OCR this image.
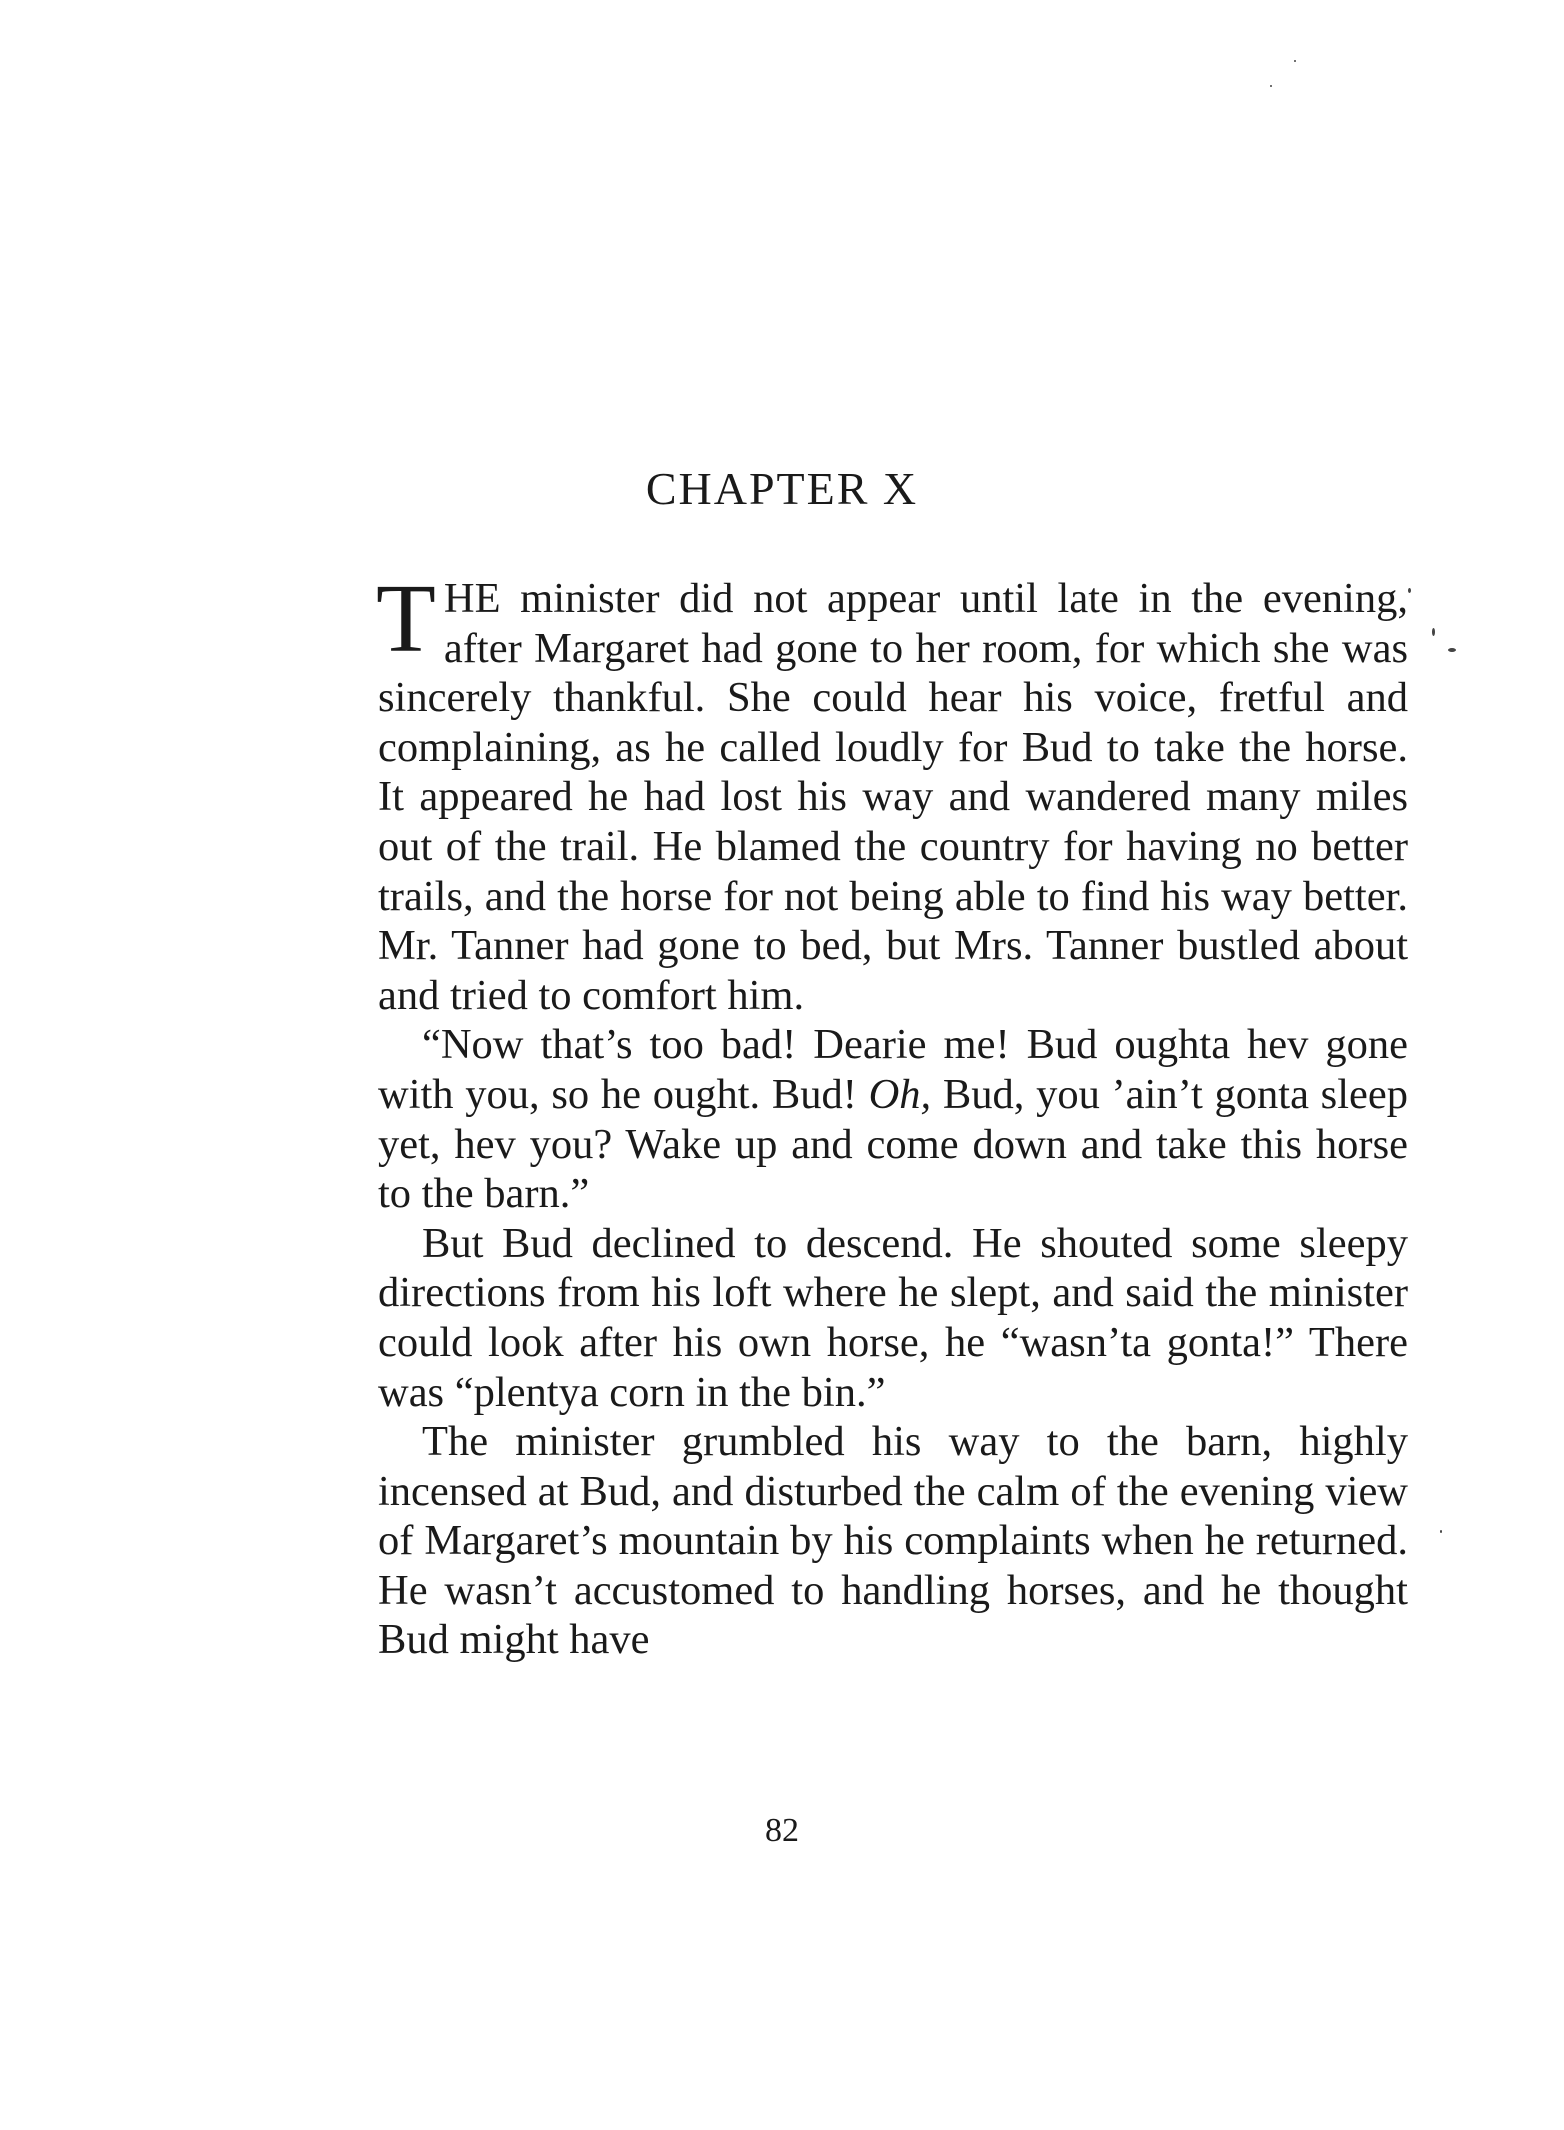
CHAPTER X

THE minister did not appear until late in the evening, after Margaret had gone to her room, for which she was sincerely thankful. She could hear his voice, fretful and complaining, as he called loudly for Bud to take the horse. It appeared he had lost his way and wandered many miles out of the trail. He blamed the country for having no better trails, and the horse for not being able to find his way better. Mr. Tanner had gone to bed, but Mrs. Tanner bustled about and tried to comfort him.

“Now that’s too bad! Dearie me! Bud oughta hev gone with you, so he ought. Bud! Oh, Bud, you ’ain’t gonta sleep yet, hev you? Wake up and come down and take this horse to the barn.”

But Bud declined to descend. He shouted some sleepy directions from his loft where he slept, and said the minister could look after his own horse, he “wasn’ta gonta!” There was “plentya corn in the bin.”

The minister grumbled his way to the barn, highly incensed at Bud, and disturbed the calm of the evening view of Margaret’s mountain by his complaints when he returned. He wasn’t accustomed to handling horses, and he thought Bud might have

82
